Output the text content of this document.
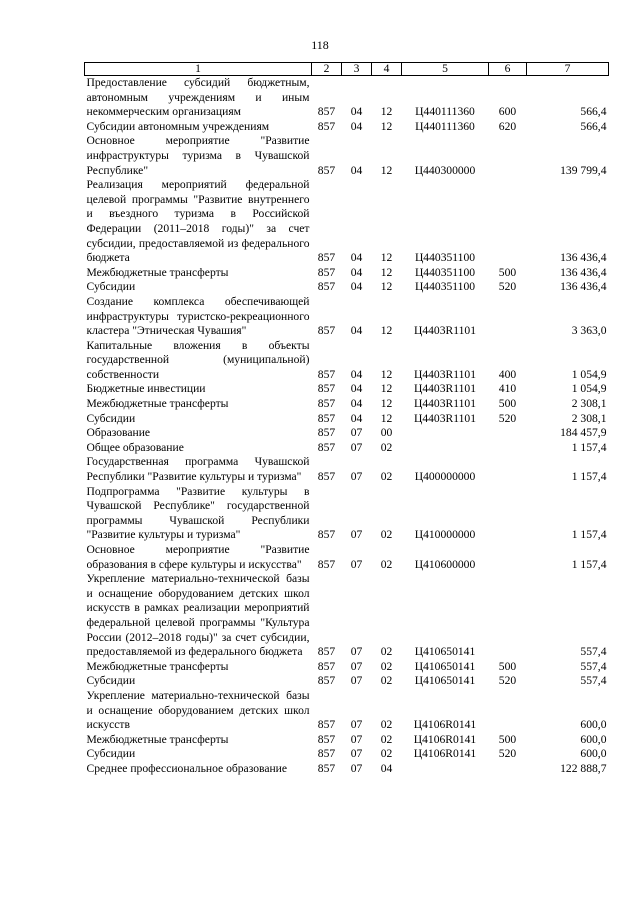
118
1	2	3	4	5	6	7
Предоставление субсидий бюджетным, автономным учреждениям и иным некоммерческим организациям	857	04	12	Ц440111360	600	566,4
Субсидии автономным учреждениям	857	04	12	Ц440111360	620	566,4
Основное мероприятие "Развитие инфраструктуры туризма в Чувашской Республике"	857	04	12	Ц440300000		139 799,4
Реализация мероприятий федеральной целевой программы "Развитие внутреннего и въездного туризма в Российской Федерации (2011–2018 годы)" за счет субсидии, предоставляемой из федерального бюджета	857	04	12	Ц440351100		136 436,4
Межбюджетные трансферты	857	04	12	Ц440351100	500	136 436,4
Субсидии	857	04	12	Ц440351100	520	136 436,4
Создание комплекса обеспечивающей инфраструктуры туристско-рекреационного кластера "Этническая Чувашия"	857	04	12	Ц4403R1101		3 363,0
Капитальные вложения в объекты государственной (муниципальной) собственности	857	04	12	Ц4403R1101	400	1 054,9
Бюджетные инвестиции	857	04	12	Ц4403R1101	410	1 054,9
Межбюджетные трансферты	857	04	12	Ц4403R1101	500	2 308,1
Субсидии	857	04	12	Ц4403R1101	520	2 308,1
Образование	857	07	00			184 457,9
Общее образование	857	07	02			1 157,4
Государственная программа Чувашской Республики "Развитие культуры и туризма"	857	07	02	Ц400000000		1 157,4
Подпрограмма "Развитие культуры в Чувашской Республике" государственной программы Чувашской Республики "Развитие культуры и туризма"	857	07	02	Ц410000000		1 157,4
Основное мероприятие "Развитие образования в сфере культуры и искусства"	857	07	02	Ц410600000		1 157,4
Укрепление материально-технической базы и оснащение оборудованием детских школ искусств в рамках реализации мероприятий федеральной целевой программы "Культура России (2012–2018 годы)" за счет субсидии, предоставляемой из федерального бюджета	857	07	02	Ц410650141		557,4
Межбюджетные трансферты	857	07	02	Ц410650141	500	557,4
Субсидии	857	07	02	Ц410650141	520	557,4
Укрепление материально-технической базы и оснащение оборудованием детских школ искусств	857	07	02	Ц4106R0141		600,0
Межбюджетные трансферты	857	07	02	Ц4106R0141	500	600,0
Субсидии	857	07	02	Ц4106R0141	520	600,0
Среднее профессиональное образование	857	07	04			122 888,7
